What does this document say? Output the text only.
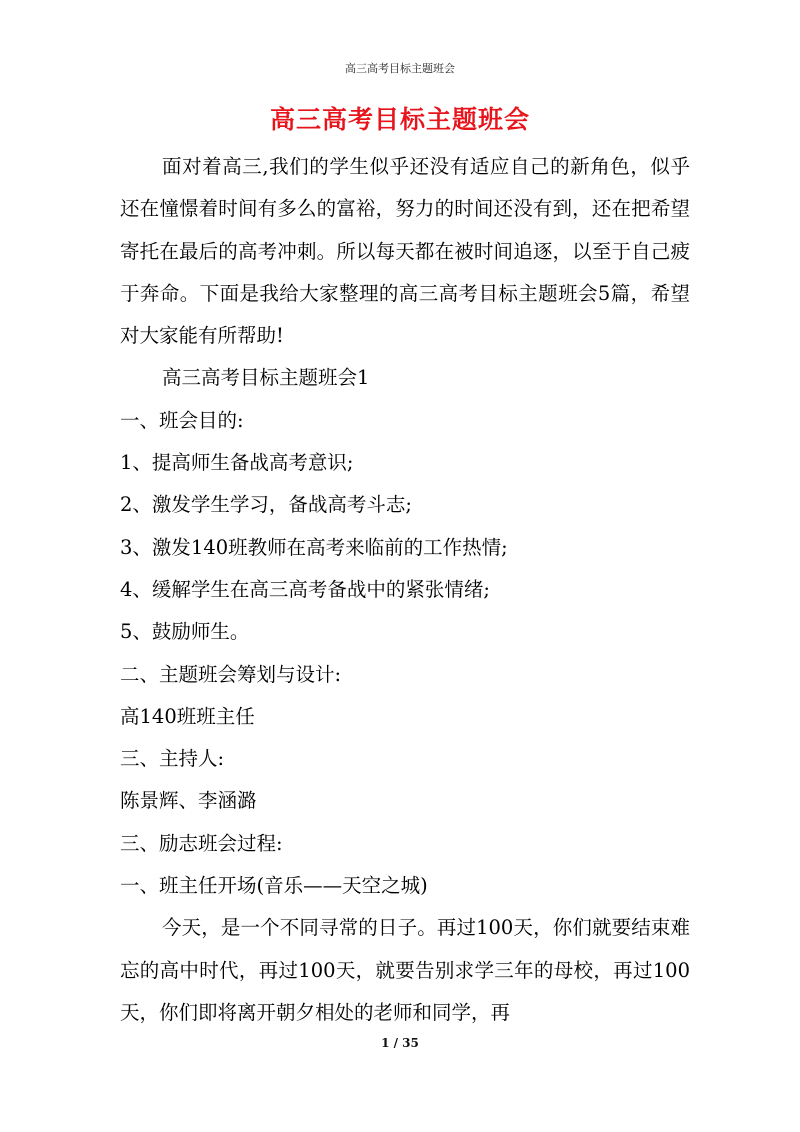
高三高考目标主题班会
高三高考目标主题班会

面对着高三,我们的学生似乎还没有适应自己的新角色，似乎还在憧憬着时间有多么的富裕，努力的时间还没有到，还在把希望寄托在最后的高考冲刺。所以每天都在被时间追逐，以至于自己疲于奔命。下面是我给大家整理的高三高考目标主题班会5篇，希望对大家能有所帮助!

高三高考目标主题班会1

一、班会目的:

1、提高师生备战高考意识;

2、激发学生学习，备战高考斗志;

3、激发140班教师在高考来临前的工作热情;

4、缓解学生在高三高考备战中的紧张情绪;

5、鼓励师生。

二、主题班会筹划与设计:

高140班班主任

三、主持人:

陈景辉、李涵潞

三、励志班会过程:

一、班主任开场(音乐——天空之城)

今天，是一个不同寻常的日子。再过100天，你们就要结束难忘的高中时代，再过100天，就要告别求学三年的母校，再过100天，你们即将离开朝夕相处的老师和同学，再

1 / 35
